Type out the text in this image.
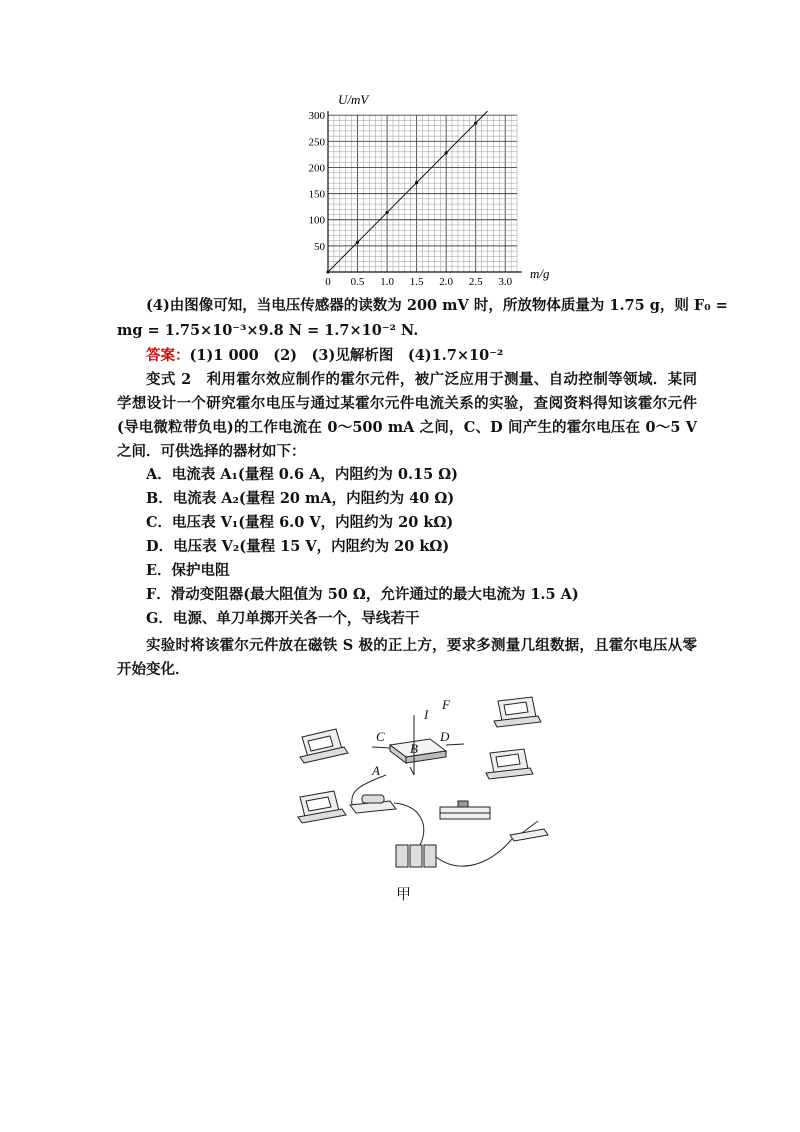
0 0.5 1.0 1.5 2.0 2.5 3.0
50
100
150
200
250
300
U/mV
m/g
(4)由图像可知，当电压传感器的读数为 200 mV 时，所放物体质量为 1.75 g，则 F₀ =
mg = 1.75×10⁻³×9.8 N = 1.7×10⁻² N.
答案：(1)1 000　(2)　(3)见解析图　(4)1.7×10⁻²
变式 2　 利用霍尔效应制作的霍尔元件，被广泛应用于测量、自动控制等领域．某同学想设计一个研究霍尔电压与通过某霍尔元件电流关系的实验，查阅资料得知该霍尔元件(导电微粒带负电)的工作电流在 0～500 mA 之间，C、D 间产生的霍尔电压在 0～5 V 之间．可供选择的器材如下：
A．电流表 A₁(量程 0.6 A，内阻约为 0.15 Ω)
B．电流表 A₂(量程 20 mA，内阻约为 40 Ω)
C．电压表 V₁(量程 6.0 V，内阻约为 20 kΩ)
D．电压表 V₂(量程 15 V，内阻约为 20 kΩ)
E．保护电阻
F．滑动变阻器(最大阻值为 50 Ω，允许通过的最大电流为 1.5 A)
G．电源、单刀单掷开关各一个，导线若干
实验时将该霍尔元件放在磁铁 S 极的正上方，要求多测量几组数据，且霍尔电压从零开始变化．
C
B
D
I
F
A
甲
